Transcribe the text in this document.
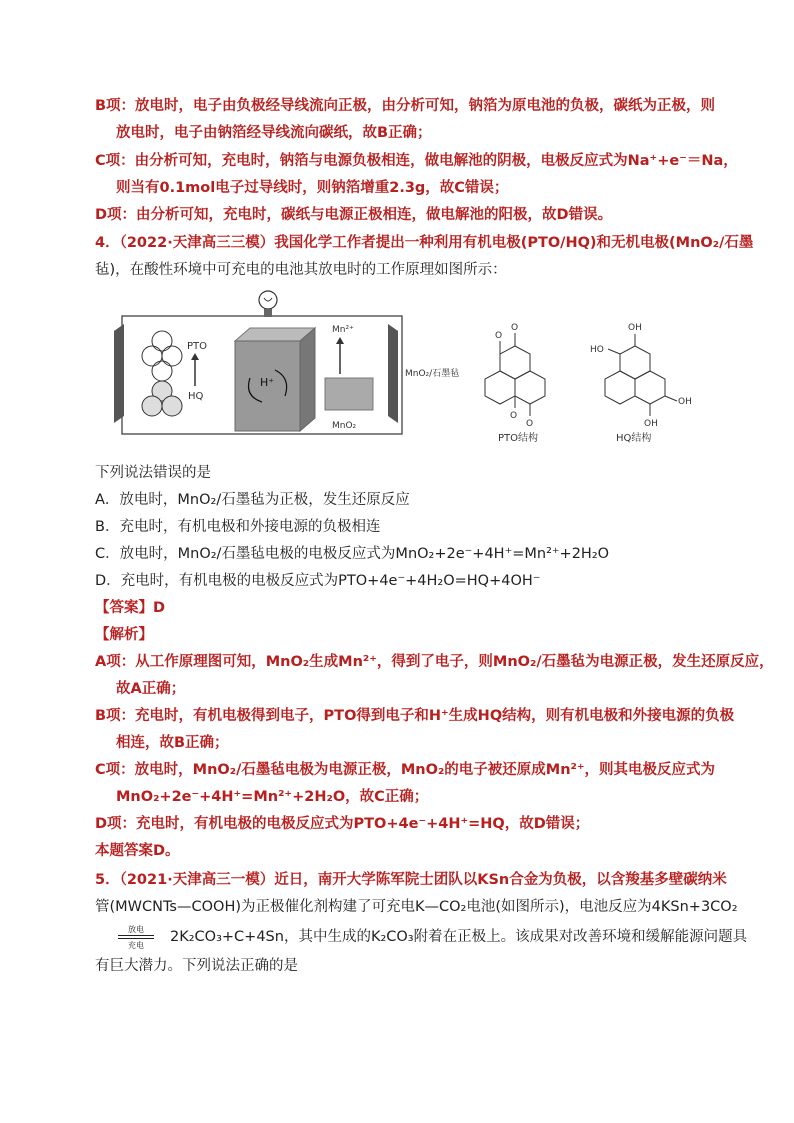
B项：放电时，电子由负极经导线流向正极，由分析可知，钠箔为原电池的负极，碳纸为正极，则
放电时，电子由钠箔经导线流向碳纸，故B正确；
C项：由分析可知，充电时，钠箔与电源负极相连，做电解池的阴极，电极反应式为Na⁺+e⁻＝Na，
则当有0.1mol电子过导线时，则钠箔增重2.3g，故C错误；
D项：由分析可知，充电时，碳纸与电源正极相连，做电解池的阳极，故D错误。
4．（2022·天津高三三模）我国化学工作者提出一种利用有机电极(PTO/HQ)和无机电极(MnO₂/石墨
毡)，在酸性环境中可充电的电池其放电时的工作原理如图所示：
PTO
HQ
H⁺
Mn²⁺
MnO₂
MnO₂/石墨毡
O
O
O
O
PTO结构
OH
HO
OH
OH
HQ结构
下列说法错误的是
A．放电时，MnO₂/石墨毡为正极，发生还原反应
B．充电时，有机电极和外接电源的负极相连
C．放电时，MnO₂/石墨毡电极的电极反应式为MnO₂+2e⁻+4H⁺=Mn²⁺+2H₂O
D．充电时，有机电极的电极反应式为PTO+4e⁻+4H₂O=HQ+4OH⁻
【答案】D
【解析】
A项：从工作原理图可知，MnO₂生成Mn²⁺，得到了电子，则MnO₂/石墨毡为电源正极，发生还原反应，
故A正确；
B项：充电时，有机电极得到电子，PTO得到电子和H⁺生成HQ结构，则有机电极和外接电源的负极
相连，故B正确；
C项：放电时，MnO₂/石墨毡电极为电源正极，MnO₂的电子被还原成Mn²⁺，则其电极反应式为
MnO₂+2e⁻+4H⁺=Mn²⁺+2H₂O，故C正确；
D项：充电时，有机电极的电极反应式为PTO+4e⁻+4H⁺=HQ，故D错误；
本题答案D。
5．（2021·天津高三一模）近日，南开大学陈军院士团队以KSn合金为负极，以含羧基多壁碳纳米
管(MWCNTs—COOH)为正极催化剂构建了可充电K—CO₂电池(如图所示)，电池反应为4KSn+3CO₂
放电
充电
2K₂CO₃+C+4Sn，其中生成的K₂CO₃附着在正极上。该成果对改善环境和缓解能源问题具
有巨大潜力。下列说法正确的是
